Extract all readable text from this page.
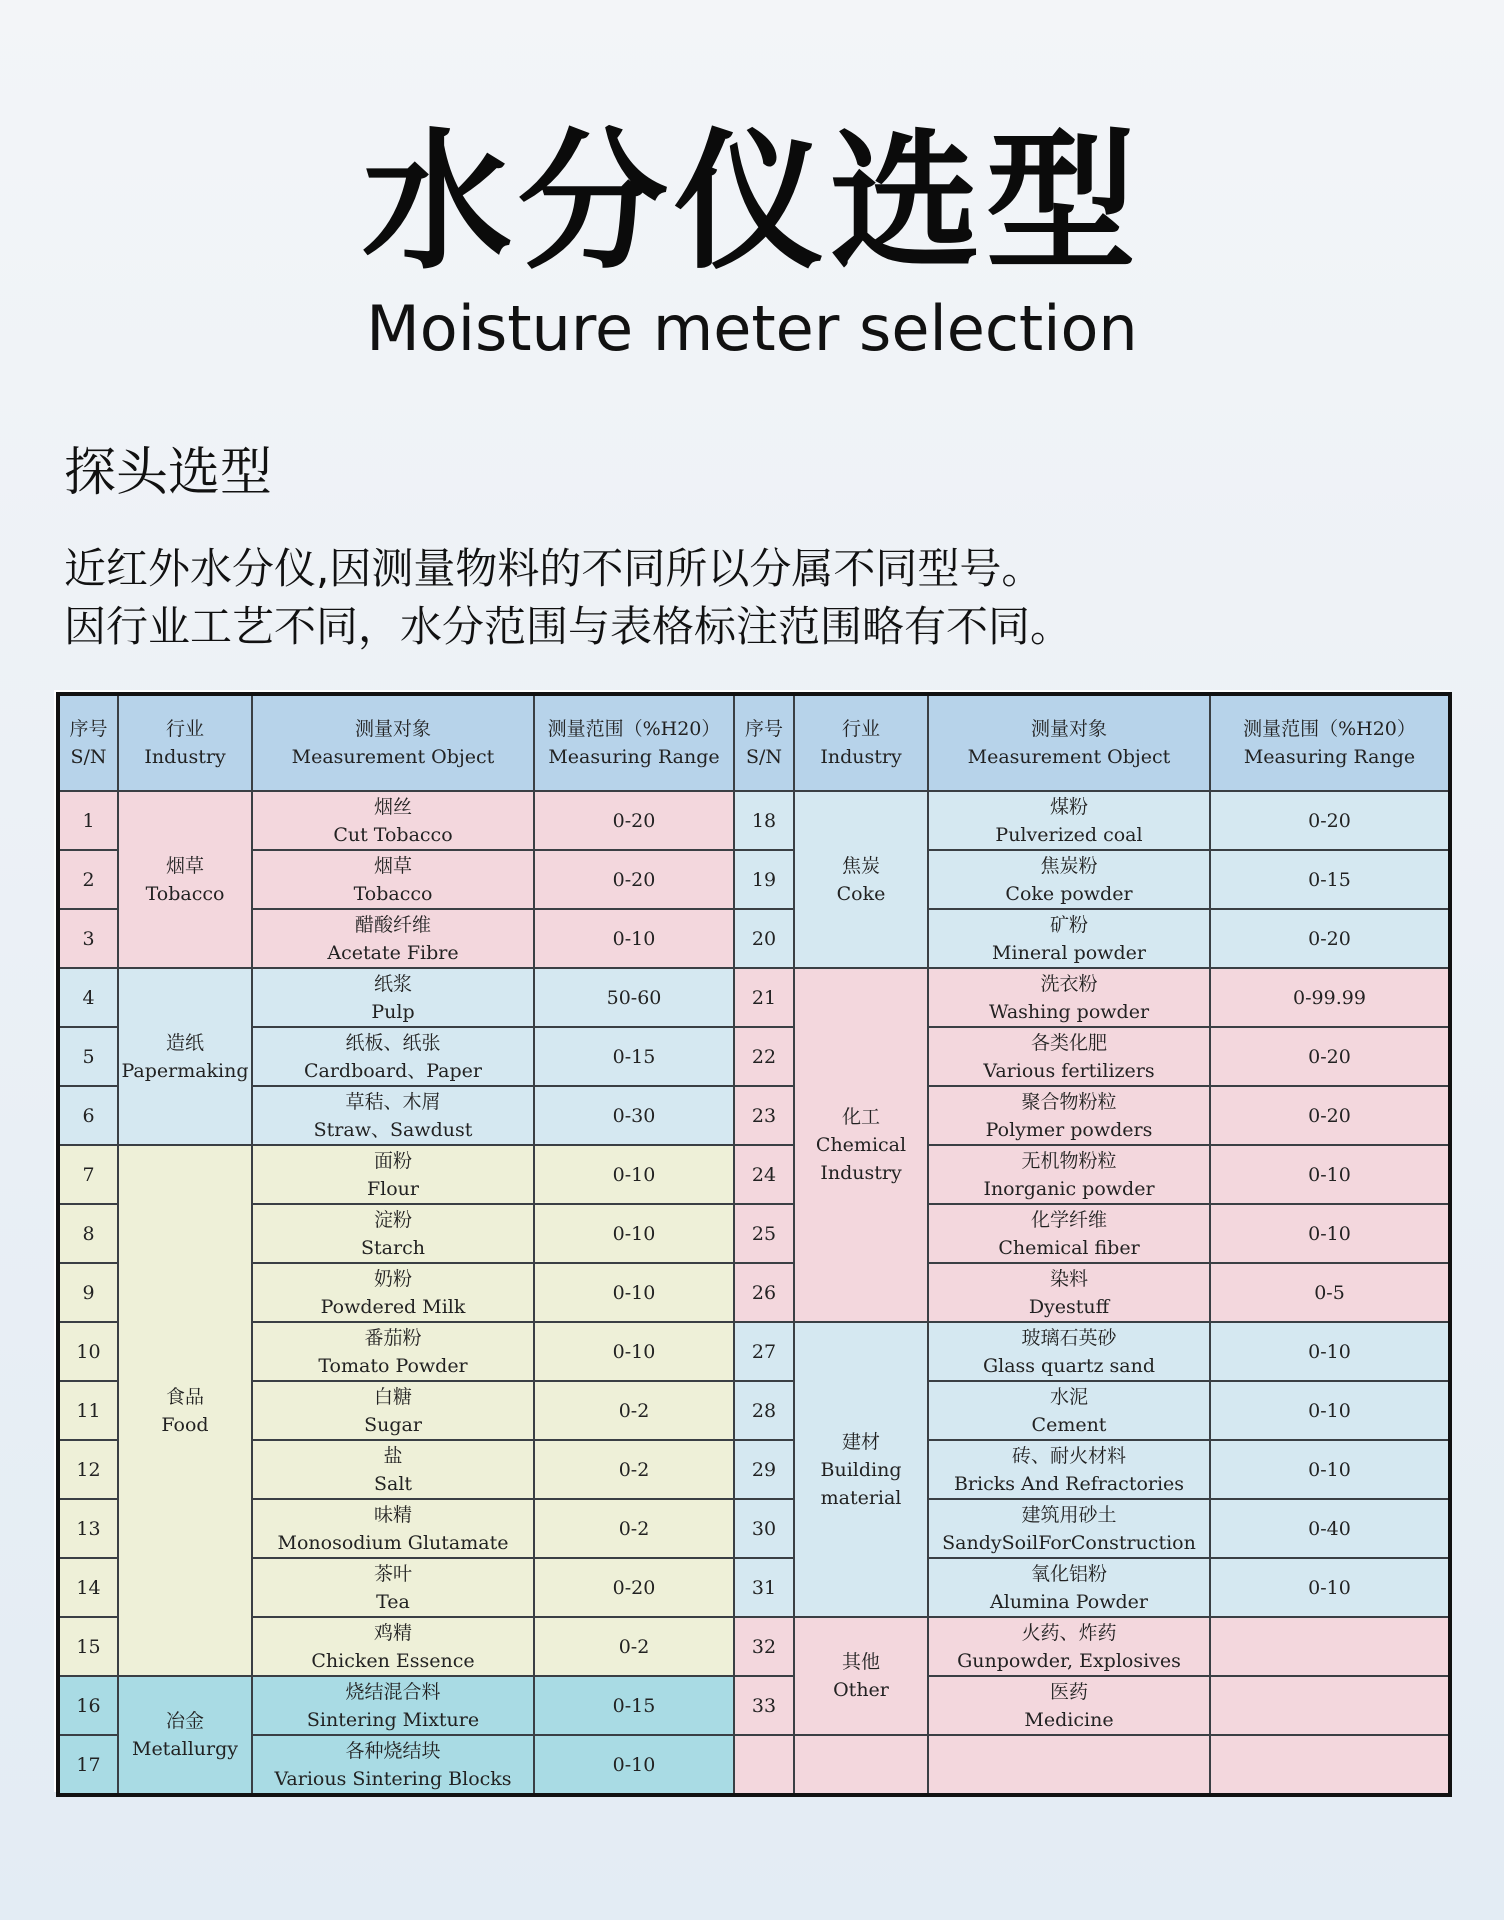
水分仪选型
Moisture meter selection
探头选型
近红外水分仪,因测量物料的不同所以分属不同型号。
因行业工艺不同，水分范围与表格标注范围略有不同。
序号
S/N	行业
Industry	测量对象
Measurement Object	测量范围（%H20）
Measuring Range	序号
S/N	行业
Industry	测量对象
Measurement Object	测量范围（%H20）
Measuring Range

1	烟草
Tobacco	烟丝
Cut Tobacco	0-20	18	焦炭
Coke	煤粉
Pulverized coal	0-20
2		烟草
Tobacco	0-20	19		焦炭粉
Coke powder	0-15
3		醋酸纤维
Acetate Fibre	0-10	20		矿粉
Mineral powder	0-20
4	造纸
Papermaking	纸浆
Pulp	50-60	21	化工
Chemical
Industry	洗衣粉
Washing powder	0-99.99
5		纸板、纸张
Cardboard、Paper	0-15	22		各类化肥
Various fertilizers	0-20
6		草秸、木屑
Straw、Sawdust	0-30	23		聚合物粉粒
Polymer powders	0-20
7	食品
Food	面粉
Flour	0-10	24		无机物粉粒
Inorganic powder	0-10
8		淀粉
Starch	0-10	25		化学纤维
Chemical fiber	0-10
9		奶粉
Powdered Milk	0-10	26		染料
Dyestuff	0-5
10		番茄粉
Tomato Powder	0-10	27	建材
Building
material	玻璃石英砂
Glass quartz sand	0-10
11		白糖
Sugar	0-2	28		水泥
Cement	0-10
12		盐
Salt	0-2	29		砖、耐火材料
Bricks And Refractories	0-10
13		味精
Monosodium Glutamate	0-2	30		建筑用砂土
SandySoilForConstruction	0-40
14		茶叶
Tea	0-20	31		氧化铝粉
Alumina Powder	0-10
15		鸡精
Chicken Essence	0-2	32	其他
Other	火药、炸药
Gunpowder, Explosives	

16	冶金
Metallurgy	烧结混合料
Sintering Mixture	0-15	33		医药
Medicine	

17		各种烧结块
Various Sintering Blocks	0-10				
